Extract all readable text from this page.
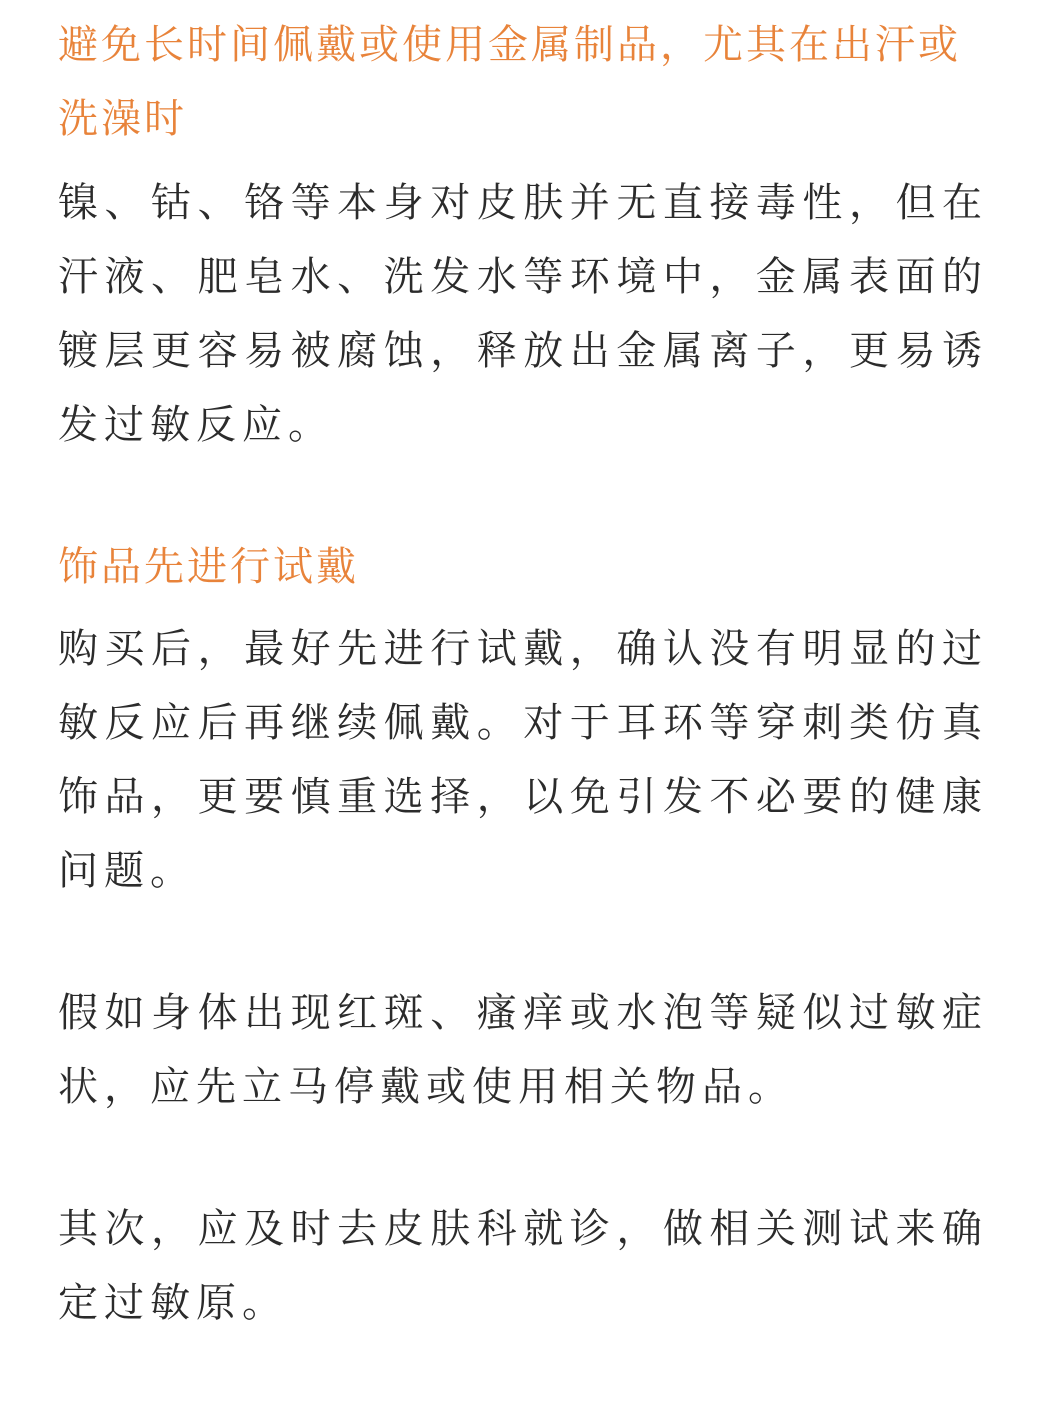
避免长时间佩戴或使用金属制品，尤其在出汗或洗澡时

镍、钴、铬等本身对皮肤并无直接毒性，但在汗液、肥皂水、洗发水等环境中，金属表面的镀层更容易被腐蚀，释放出金属离子，更易诱发过敏反应。

饰品先进行试戴

购买后，最好先进行试戴，确认没有明显的过敏反应后再继续佩戴。对于耳环等穿刺类仿真饰品，更要慎重选择，以免引发不必要的健康问题。

假如身体出现红斑、瘙痒或水泡等疑似过敏症状，应先立马停戴或使用相关物品。

其次，应及时去皮肤科就诊，做相关测试来确定过敏原。
